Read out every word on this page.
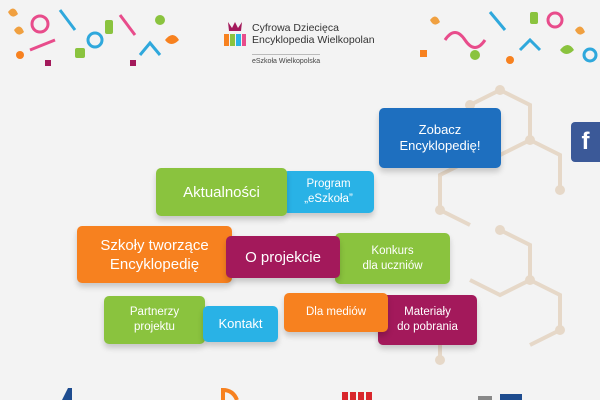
Cyfrowa Dziecięca
Encyklopedia Wielkopolan
eSzkoła Wielkopolska
f
Zobacz
Encyklopedię!
Program
„eSzkoła”
Aktualności
Konkurs
dla uczniów
Szkoły tworzące
Encyklopedię	O projekcie
Partnerzy
projektu	Kontakt
Materiały
do pobrania
Dla mediów
